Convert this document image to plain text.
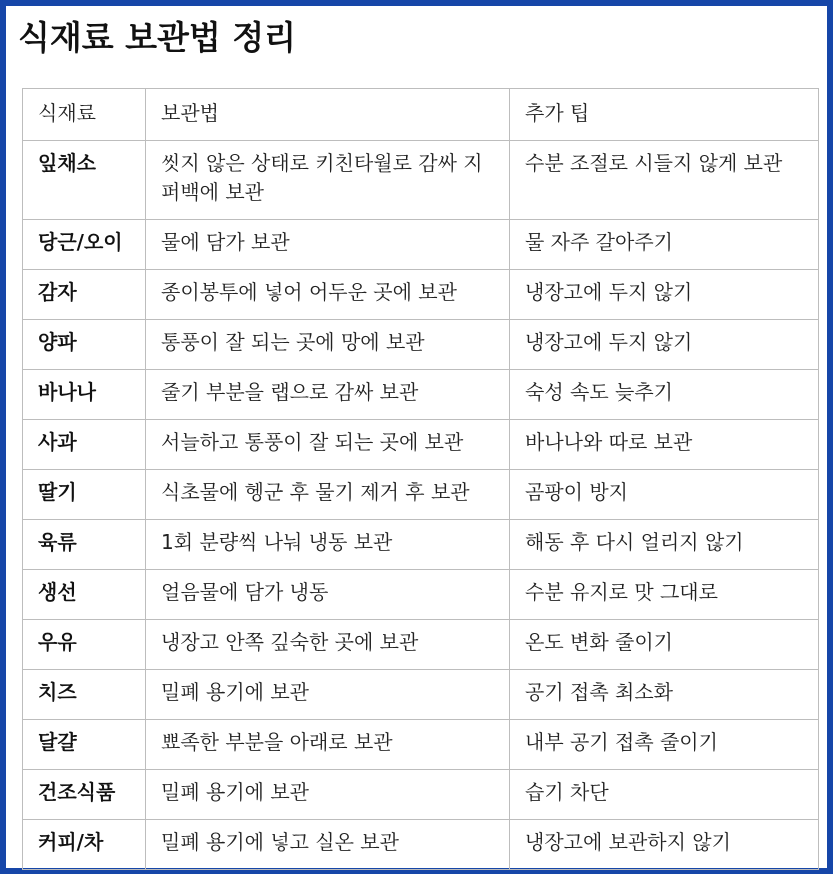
식재료 보관법 정리
식재료	보관법	추가 팁
잎채소	씻지 않은 상태로 키친타월로 감싸 지퍼백에 보관	수분 조절로 시들지 않게 보관
당근/오이	물에 담가 보관	물 자주 갈아주기
감자	종이봉투에 넣어 어두운 곳에 보관	냉장고에 두지 않기
양파	통풍이 잘 되는 곳에 망에 보관	냉장고에 두지 않기
바나나	줄기 부분을 랩으로 감싸 보관	숙성 속도 늦추기
사과	서늘하고 통풍이 잘 되는 곳에 보관	바나나와 따로 보관
딸기	식초물에 헹군 후 물기 제거 후 보관	곰팡이 방지
육류	1회 분량씩 나눠 냉동 보관	해동 후 다시 얼리지 않기
생선	얼음물에 담가 냉동	수분 유지로 맛 그대로
우유	냉장고 안쪽 깊숙한 곳에 보관	온도 변화 줄이기
치즈	밀폐 용기에 보관	공기 접촉 최소화
달걀	뾰족한 부분을 아래로 보관	내부 공기 접촉 줄이기
건조식품	밀폐 용기에 보관	습기 차단
커피/차	밀폐 용기에 넣고 실온 보관	냉장고에 보관하지 않기
